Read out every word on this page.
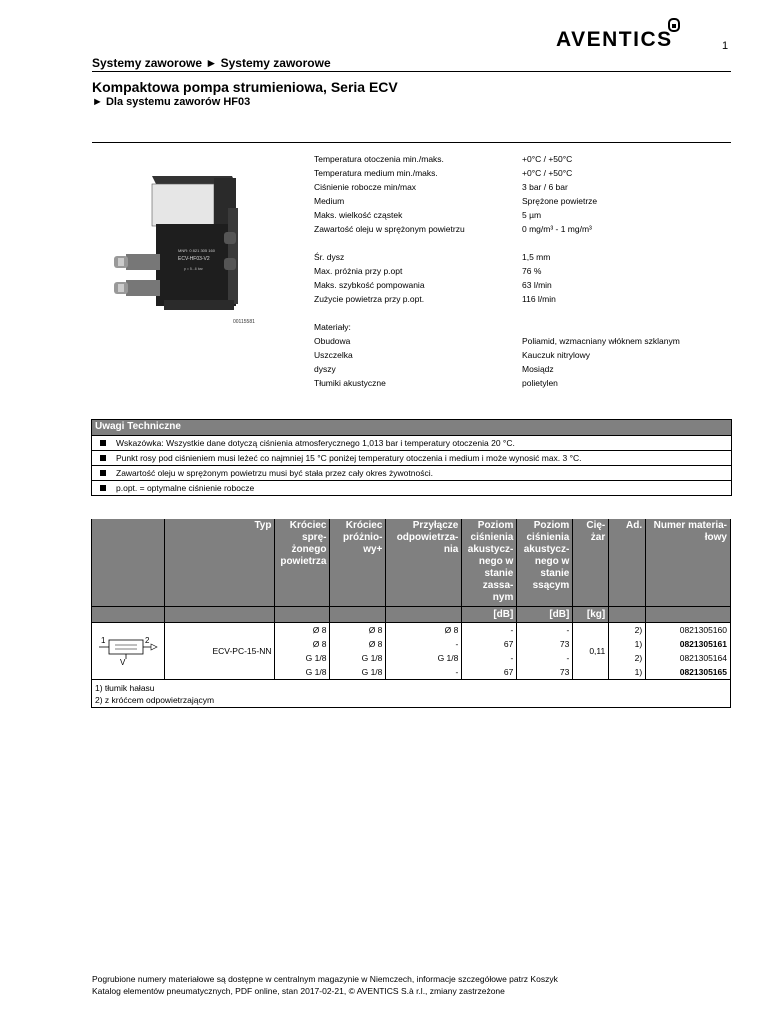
AVENTICS	1
Systemy zaworowe ► Systemy zaworowe
Kompaktowa pompa strumieniowa, Seria ECV
► Dla systemu zaworów HF03
MNR: 0 821 305 160
ECV-HF03-V2
p = 5...6 bar
00115581
Temperatura otoczenia min./maks.	+0°C / +50°C
Temperatura medium min./maks.	+0°C / +50°C
Ciśnienie robocze min/max	3 bar / 6 bar
Medium	Sprężone powietrze
Maks. wielkość cząstek	5 µm
Zawartość oleju w sprężonym powietrzu	0 mg/m³ - 1 mg/m³
Śr. dysz	1,5 mm
Max. próżnia przy p.opt	76 %
Maks. szybkość pompowania	63 l/min
Zużycie powietrza przy p.opt.	116 l/min
Materiały:
Obudowa	Poliamid, wzmacniany włóknem szklanym
Uszczelka	Kauczuk nitrylowy
dyszy	Mosiądz
Tłumiki akustyczne	polietylen
Uwagi Techniczne
Wskazówka: Wszystkie dane dotyczą ciśnienia atmosferycznego 1,013 bar i temperatury otoczenia 20 °C.
Punkt rosy pod ciśnieniem musi leżeć co najmniej 15 °C poniżej temperatury otoczenia i medium i może wynosić max. 3 °C.
Zawartość oleju w sprężonym powietrzu musi być stała przez cały okres żywotności.
p.opt. = optymalne ciśnienie robocze
	Typ	Króciec sprę-żonego powietrza	Króciec próżnio-wy+	Przyłącze odpowietrza-nia	Poziom ciśnienia akustycz-nego w stanie zassa-nym	Poziom ciśnienia akustycz-nego w stanie ssącym	Cię-żar	Ad.	Numer materia-łowy
					[dB]	[dB]	[kg]		

1 2
V	ECV-PC-15-NN	Ø 8	Ø 8	Ø 8	-	-	0,11	2)	0821305160
		Ø 8	Ø 8	-	67	73		1)	0821305161
		G 1/8	G 1/8	G 1/8	-	-		2)	0821305164
		G 1/8	G 1/8	-	67	73		1)	0821305165

1) tłumik hałasu
2) z króćcem odpowietrzającym									
Pogrubione numery materiałowe są dostępne w centralnym magazynie w Niemczech, informacje szczegółowe patrz Koszyk
Katalog elementów pneumatycznych, PDF online, stan 2017-02-21, © AVENTICS S.à r.l., zmiany zastrzeżone
